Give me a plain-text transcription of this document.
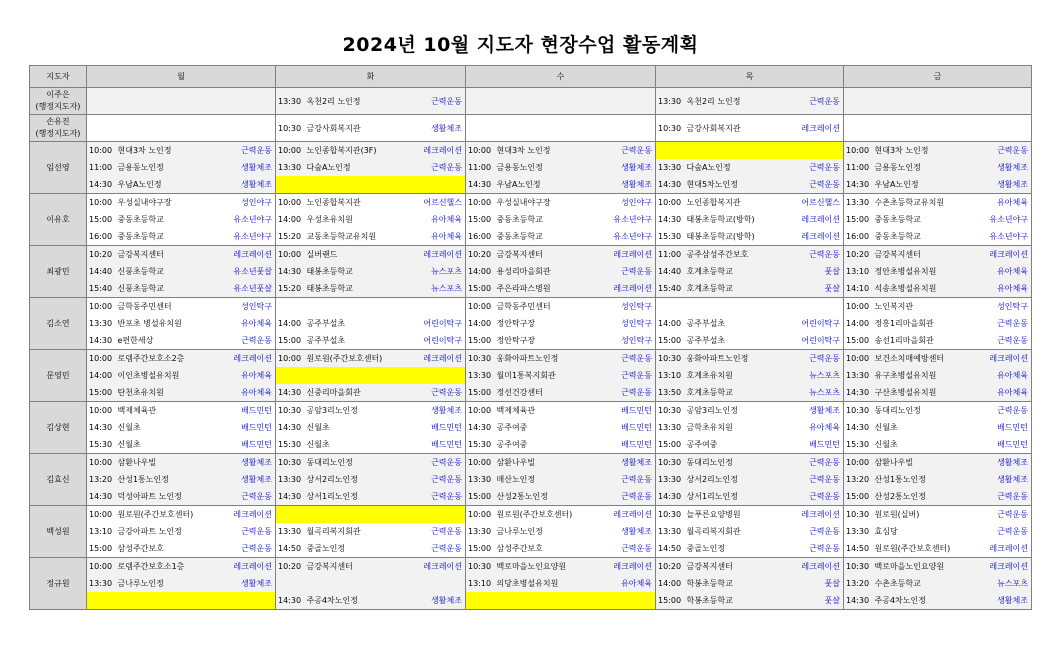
2024년 10월 지도자 현장수업 활동계획
지도자	월			화			수			목			금		

이주은
(행정지도자)				13:30	옥천2리 노인정	근력운동				13:30	옥천2리 노인정	근력운동			

손유진
(행정지도자)				10:30	금강사회복지관	생활체조				10:30	금강사회복지관	레크레이션			

임선영	10:00	현대3차 노인정	근력운동	10:00	노인종합복지관(3F)	레크레이션	10:00	현대3차 노인정	근력운동				10:00	현대3차 노인정	근력운동
	11:00	금용동노인정	생활체조	13:30	다숲A노인정	근력운동	11:00	금용동노인정	생활체조	13:30	다숲A노인정	근력운동	11:00	금용동노인정	생활체조
	14:30	우남A노인정	생활체조				14:30	우남A노인정	생활체조	14:30	현대5차노인정	근력운동	14:30	우남A노인정	생활체조

이유호	10:00	우성실내야구장	성인야구	10:00	노인종합복지관	어르신헬스	10:00	우성실내야구장	성인야구	10:00	노인종합복지관	어르신헬스	13:30	수촌초등학교유치원	유아체육
	15:00	중동초등학교	유소년야구	14:00	우성초유치원	유아체육	15:00	중동초등학교	유소년야구	14:30	태봉초등학교(방학)	레크레이션	15:00	중동초등학교	유소년야구
	16:00	중동초등학교	유소년야구	15:20	교동초등학교유치원	유아체육	16:00	중동초등학교	유소년야구	15:30	태봉초등학교(방학)	레크레이션	16:00	중동초등학교	유소년야구

최광민	10:20	금강복지센터	레크레이션	10:00	실버랜드	레크레이션	10:20	금강복지센터	레크레이션	11:00	공주삼성주간보호	근력운동	10:20	금강복지센터	레크레이션
	14:40	신풍초등학교	유소년풋살	14:30	태봉초등학교	뉴스포츠	14:00	용성리마을회관	근력운동	14:40	호계초등학교	풋살	13:10	정안초병설유치원	유아체육
	15:40	신풍초등학교	유소년풋살	15:20	태봉초등학교	뉴스포츠	15:00	주은라파스병원	레크레이션	15:40	호계초등학교	풋살	14:10	석송초병설유치원	유아체육

김소연	10:00	금학동주민센터	성인탁구				10:00	금학동주민센터	성인탁구				10:00	노인복지관	성인탁구
	13:30	반포초 병설유치원	유아체육	14:00	공주부설초	어린이탁구	14:00	정안탁구장	성인탁구	14:00	공주부설초	어린이탁구	14:00	정흥1리마을회관	근력운동
	14:30	e편한세상	근력운동	15:00	공주부설초	어린이탁구	15:00	정안탁구장	성인탁구	15:00	공주부설초	어린이탁구	15:00	송선1리마을회관	근력운동

문영민	10:00	로뎀주간보호소2층	레크레이션	10:00	원로원(주간보호센터)	레크레이션	10:30	웅화아파트노인정	근력운동	10:30	웅화아파트노인정	근력운동	10:00	보건소치매예방센터	레크레이션
	14:00	이인초병설유치원	유아체육				13:30	월미1통복지회관	근력운동	13:10	호계초유치원	뉴스포츠	13:30	유구초병설유치원	유아체육
	15:00	탄천초유치원	유아체육	14:30	신중리마을회관	근력운동	15:00	정선건강센터	근력운동	13:50	호계초등학교	뉴스포츠	14:30	구산초병설유치원	유아체육

김상현	10:00	백제체육관	배드민턴	10:30	공암3리노인정	생활체조	10:00	백제체육관	배드민턴	10:30	공암3리노인정	생활체조	10:30	동대리노인정	근력운동
	14:30	신월초	배드민턴	14:30	신월초	배드민턴	14:30	공주여중	배드민턴	13:30	금학초유치원	유아체육	14:30	신월초	배드민턴
	15:30	신월초	배드민턴	15:30	신월초	배드민턴	15:30	공주여중	배드민턴	15:00	공주여중	배드민턴	15:30	신월초	배드민턴

김효신	10:00	삼환나우빌	생활체조	10:30	동대리노인정	근력운동	10:00	삼환나우빌	생활체조	10:30	동대리노인정	근력운동	10:00	삼환나우빌	생활체조
	13:20	산성1통노인정	생활체조	13:30	상서2리노인정	근력운동	13:30	매산노인정	근력운동	13:30	상서2리노인정	근력운동	13:20	산성1통노인정	생활체조
	14:30	덕성아파트 노인정	근력운동	14:30	상서1리노인정	근력운동	15:00	산성2통노인정	근력운동	14:30	상서1리노인정	근력운동	15:00	산성2통노인정	근력운동

백성원	10:00	원로원(주간보호센터)	레크레이션				10:00	원로원(주간보호센터)	레크레이션	10:30	늘푸른요양병원	레크레이션	10:30	원로원(실버)	근력운동
	13:10	금강아파트 노인정	근력운동	13:30	월곡리복지회관	근력운동	13:30	금나루노인정	생활체조	13:30	월곡리복지회관	근력운동	13:30	효심당	근력운동
	15:00	삼성주간보호	근력운동	14:50	중골노인정	근력운동	15:00	삼성주간보호	근력운동	14:50	중골노인정	근력운동	14:50	원로원(주간보호센터)	레크레이션

정규원	10:00	로뎀주간보호소1층	레크레이션	10:20	금강복지센터	레크레이션	10:30	백로마을노인요양원	레크레이션	10:20	금강복지센터	레크레이션	10:30	백로마을노인요양원	레크레이션
	13:30	금나루노인정	생활체조				13:10	의당초병설유치원	유아체육	14:00	학봉초등학교	풋살	13:20	수촌초등학교	뉴스포츠
				14:30	주공4차노인정	생활체조				15:00	학봉초등학교	풋살	14:30	주공4차노인정	생활체조
